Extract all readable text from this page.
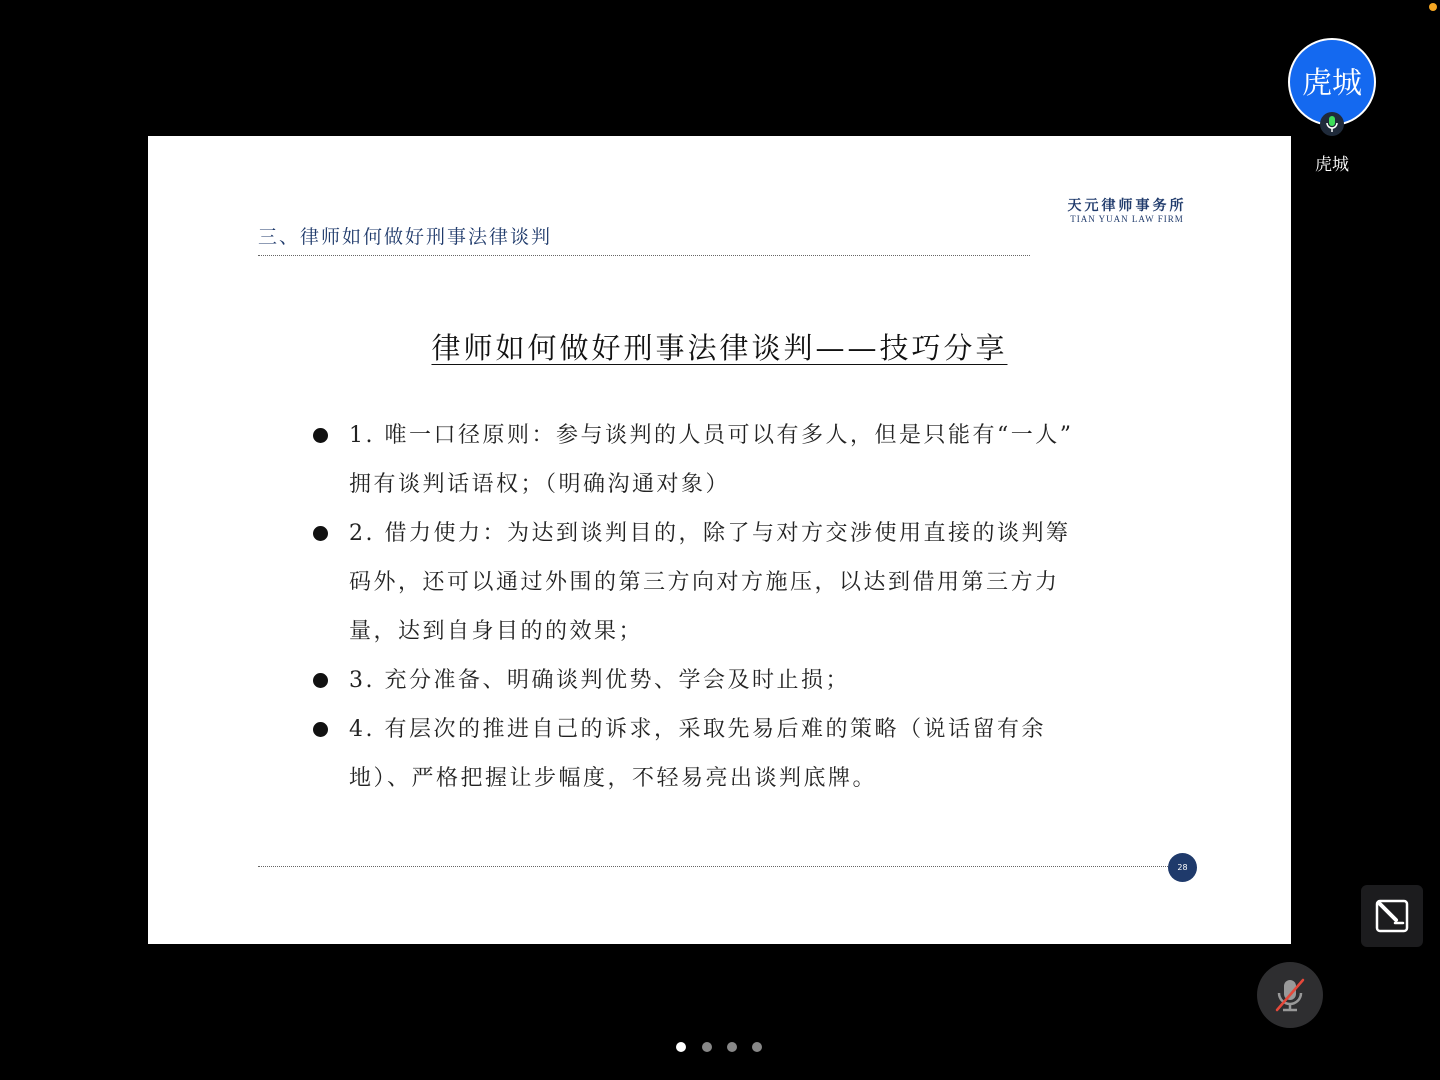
三、律师如何做好刑事法律谈判
天元律师事务所
TIAN YUAN LAW FIRM
律师如何做好刑事法律谈判——技巧分享
1. 唯一口径原则：参与谈判的人员可以有多人，但是只能有“一人”
拥有谈判话语权；（明确沟通对象）
2. 借力使力：为达到谈判目的，除了与对方交涉使用直接的谈判筹
码外，还可以通过外围的第三方向对方施压，以达到借用第三方力
量，达到自身目的的效果；
3. 充分准备、明确谈判优势、学会及时止损；
4. 有层次的推进自己的诉求，采取先易后难的策略（说话留有余
地）、严格把握让步幅度，不轻易亮出谈判底牌。
28
虎城
虎城
